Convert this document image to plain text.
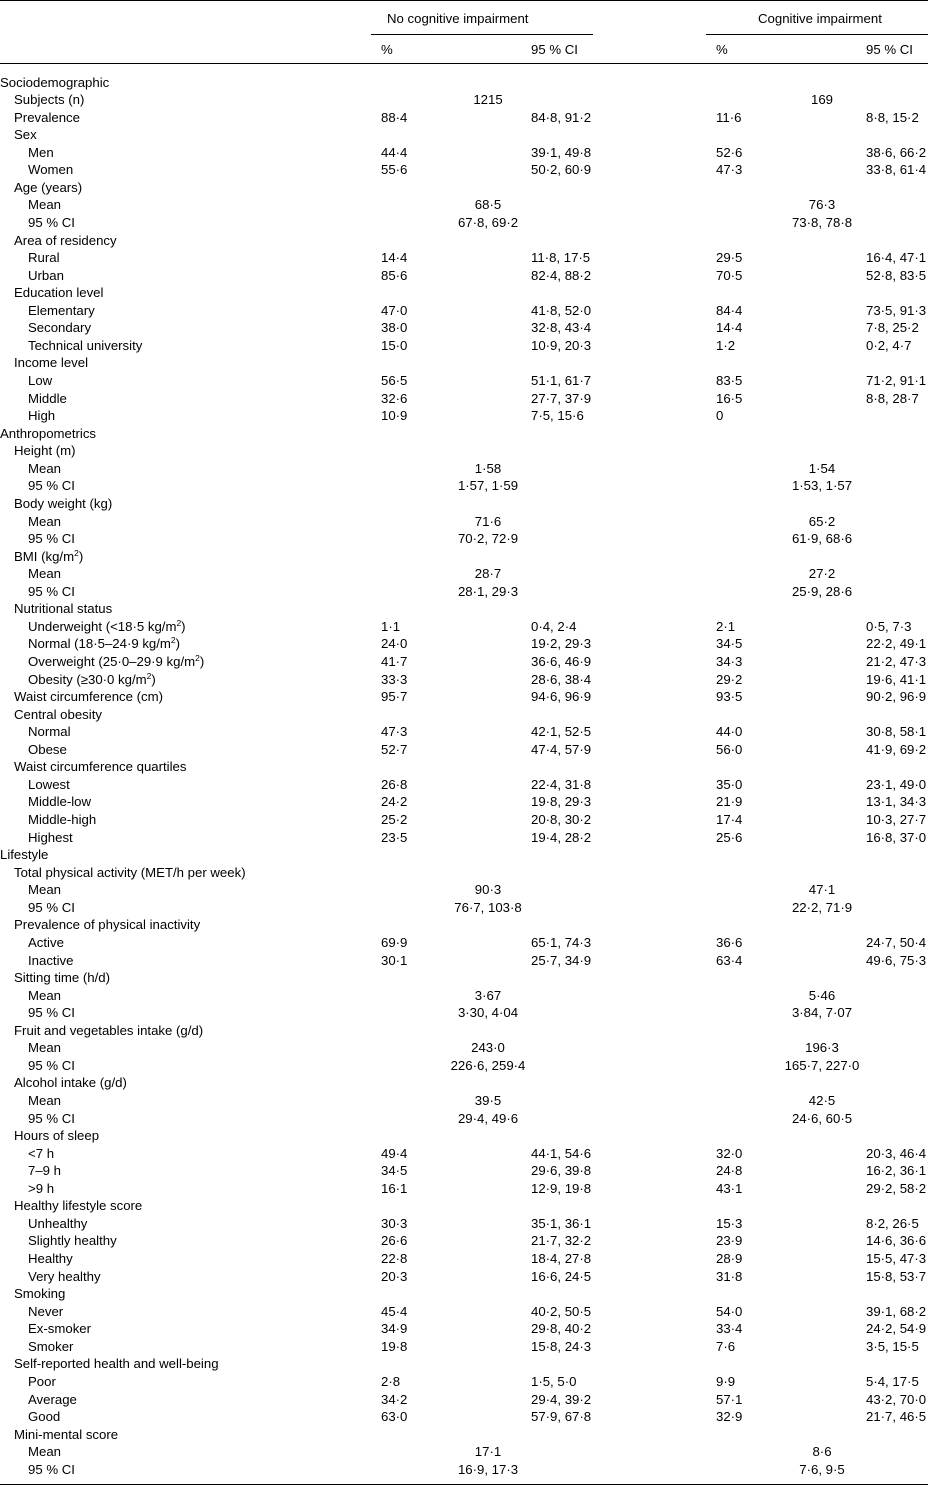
No cognitive impairment	Cognitive impairment
%	95 % CI	%	95 % CI
Sociodemographic
Subjects (n)	1215	169
Prevalence	88·4	84·8, 91·2	11·6	8·8, 15·2
Sex
Men	44·4	39·1, 49·8	52·6	38·6, 66·2
Women	55·6	50·2, 60·9	47·3	33·8, 61·4
Age (years)
Mean	68·5	76·3
95 % CI	67·8, 69·2	73·8, 78·8
Area of residency
Rural	14·4	11·8, 17·5	29·5	16·4, 47·1
Urban	85·6	82·4, 88·2	70·5	52·8, 83·5
Education level
Elementary	47·0	41·8, 52·0	84·4	73·5, 91·3
Secondary	38·0	32·8, 43·4	14·4	7·8, 25·2
Technical university	15·0	10·9, 20·3	1·2	0·2, 4·7
Income level
Low	56·5	51·1, 61·7	83·5	71·2, 91·1
Middle	32·6	27·7, 37·9	16·5	8·8, 28·7
High	10·9	7·5, 15·6	0
Anthropometrics
Height (m)
Mean	1·58	1·54
95 % CI	1·57, 1·59	1·53, 1·57
Body weight (kg)
Mean	71·6	65·2
95 % CI	70·2, 72·9	61·9, 68·6
BMI $(kg/m^2)$
Mean	28·7	27·2
95 % CI	28·1, 29·3	25·9, 28·6
Nutritional status
Underweight (<18·5 $kg/m^2$)	1·1	0·4, 2·4	2·1	0·5, 7·3
Normal (18·5–24·9 $kg/m^2$)	24·0	19·2, 29·3	34·5	22·2, 49·1
Overweight (25·0–29·9 $kg/m^2$)	41·7	36·6, 46·9	34·3	21·2, 47·3
Obesity (≥30·0 $kg/m^2$)	33·3	28·6, 38·4	29·2	19·6, 41·1
Waist circumference (cm)	95·7	94·6, 96·9	93·5	90·2, 96·9
Central obesity
Normal	47·3	42·1, 52·5	44·0	30·8, 58·1
Obese	52·7	47·4, 57·9	56·0	41·9, 69·2
Waist circumference quartiles
Lowest	26·8	22·4, 31·8	35·0	23·1, 49·0
Middle-low	24·2	19·8, 29·3	21·9	13·1, 34·3
Middle-high	25·2	20·8, 30·2	17·4	10·3, 27·7
Highest	23·5	19·4, 28·2	25·6	16·8, 37·0
Lifestyle
Total physical activity (MET/h per week)
Mean	90·3	47·1
95 % CI	76·7, 103·8	22·2, 71·9
Prevalence of physical inactivity
Active	69·9	65·1, 74·3	36·6	24·7, 50·4
Inactive	30·1	25·7, 34·9	63·4	49·6, 75·3
Sitting time (h/d)
Mean	3·67	5·46
95 % CI	3·30, 4·04	3·84, 7·07
Fruit and vegetables intake (g/d)
Mean	243·0	196·3
95 % CI	226·6, 259·4	165·7, 227·0
Alcohol intake (g/d)
Mean	39·5	42·5
95 % CI	29·4, 49·6	24·6, 60·5
Hours of sleep
<7 h	49·4	44·1, 54·6	32·0	20·3, 46·4
7–9 h	34·5	29·6, 39·8	24·8	16·2, 36·1
>9 h	16·1	12·9, 19·8	43·1	29·2, 58·2
Healthy lifestyle score
Unhealthy	30·3	35·1, 36·1	15·3	8·2, 26·5
Slightly healthy	26·6	21·7, 32·2	23·9	14·6, 36·6
Healthy	22·8	18·4, 27·8	28·9	15·5, 47·3
Very healthy	20·3	16·6, 24·5	31·8	15·8, 53·7
Smoking
Never	45·4	40·2, 50·5	54·0	39·1, 68·2
Ex-smoker	34·9	29·8, 40·2	33·4	24·2, 54·9
Smoker	19·8	15·8, 24·3	7·6	3·5, 15·5
Self-reported health and well-being
Poor	2·8	1·5, 5·0	9·9	5·4, 17·5
Average	34·2	29·4, 39·2	57·1	43·2, 70·0
Good	63·0	57·9, 67·8	32·9	21·7, 46·5
Mini-mental score
Mean	17·1	8·6
95 % CI	16·9, 17·3	7·6, 9·5
